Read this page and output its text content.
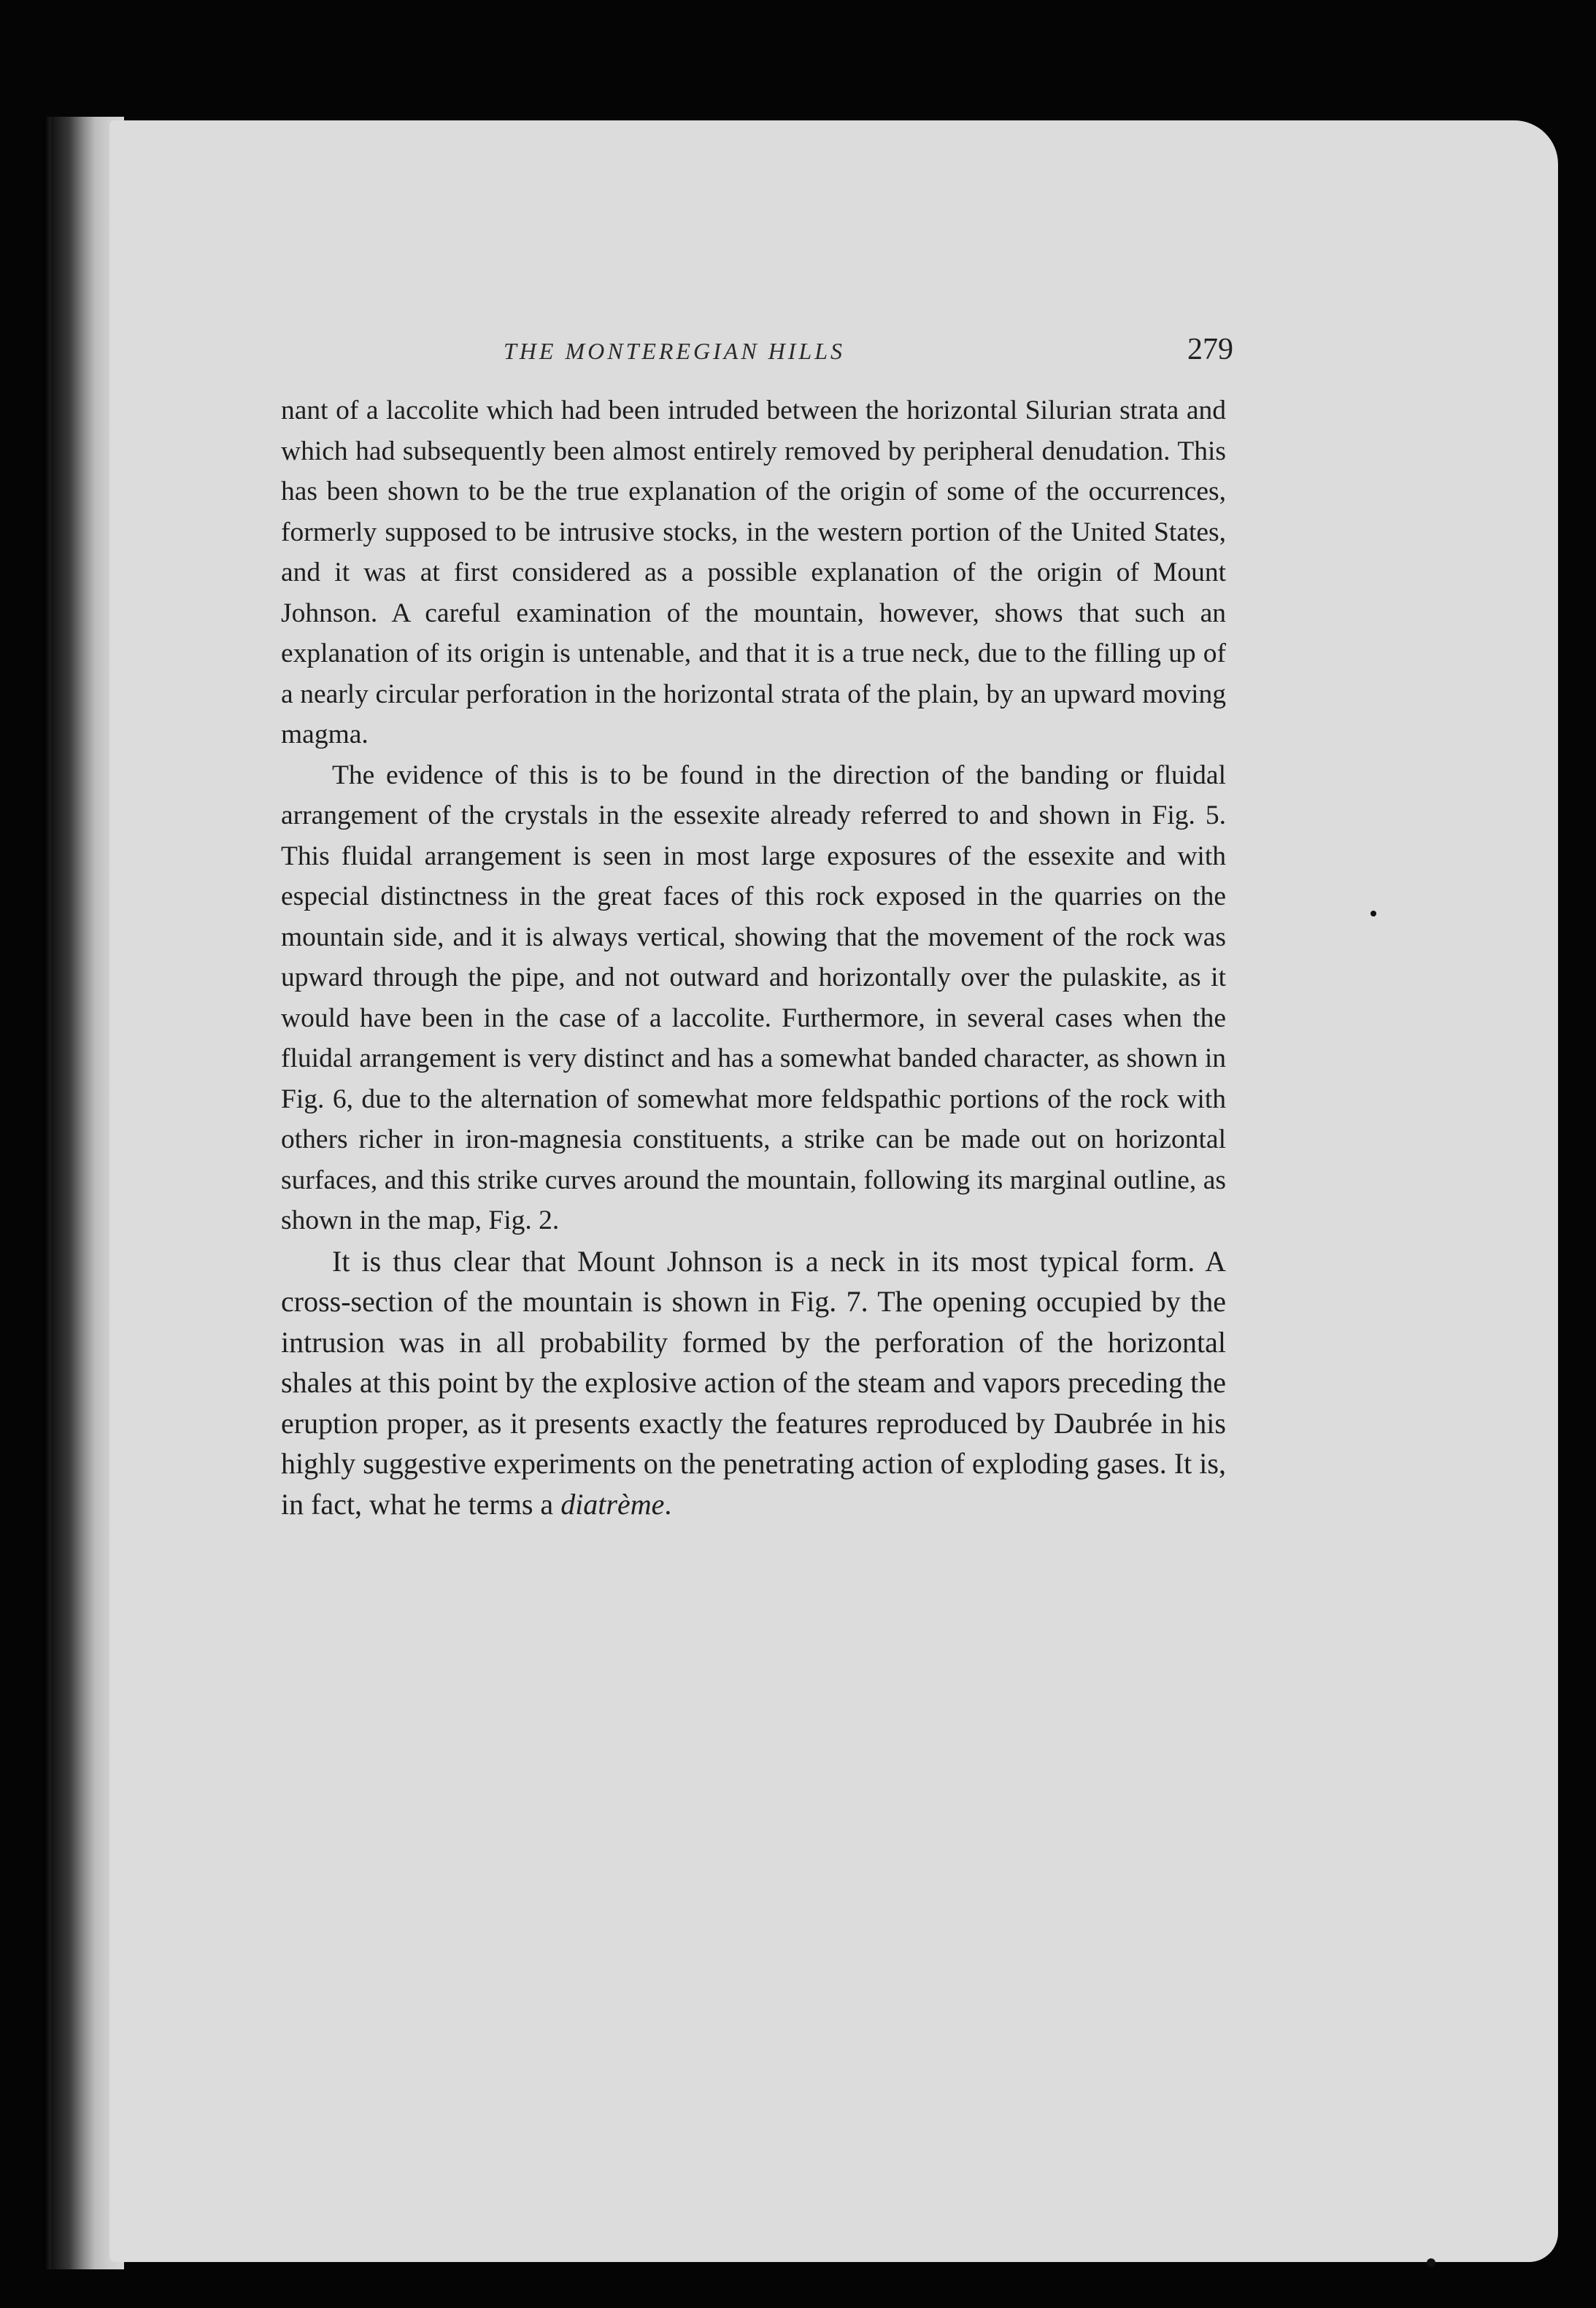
THE MONTEREGIAN HILLS	279

nant of a laccolite which had been intruded between the horizontal Silurian strata and which had subsequently been almost entirely removed by peripheral denudation. This has been shown to be the true explanation of the origin of some of the occurrences, formerly supposed to be intrusive stocks, in the western portion of the United States, and it was at first considered as a possible explanation of the origin of Mount Johnson. A careful examination of the mountain, however, shows that such an explanation of its origin is untenable, and that it is a true neck, due to the filling up of a nearly circular perforation in the horizontal strata of the plain, by an upward moving magma.

The evidence of this is to be found in the direction of the banding or fluidal arrangement of the crystals in the essexite already referred to and shown in Fig. 5. This fluidal arrangement is seen in most large exposures of the essexite and with especial distinctness in the great faces of this rock exposed in the quarries on the mountain side, and it is always vertical, showing that the movement of the rock was upward through the pipe, and not outward and horizontally over the pulaskite, as it would have been in the case of a laccolite. Furthermore, in several cases when the fluidal arrangement is very distinct and has a somewhat banded character, as shown in Fig. 6, due to the alternation of somewhat more feldspathic portions of the rock with others richer in iron-magnesia constituents, a strike can be made out on horizontal surfaces, and this strike curves around the mountain, following its marginal outline, as shown in the map, Fig. 2.

It is thus clear that Mount Johnson is a neck in its most typical form. A cross-section of the mountain is shown in Fig. 7. The opening occupied by the intrusion was in all probability formed by the perforation of the horizontal shales at this point by the explosive action of the steam and vapors preceding the eruption proper, as it presents exactly the features reproduced by Daubrée in his highly suggestive experiments on the penetrating action of exploding gases. It is, in fact, what he terms a diatrème.
